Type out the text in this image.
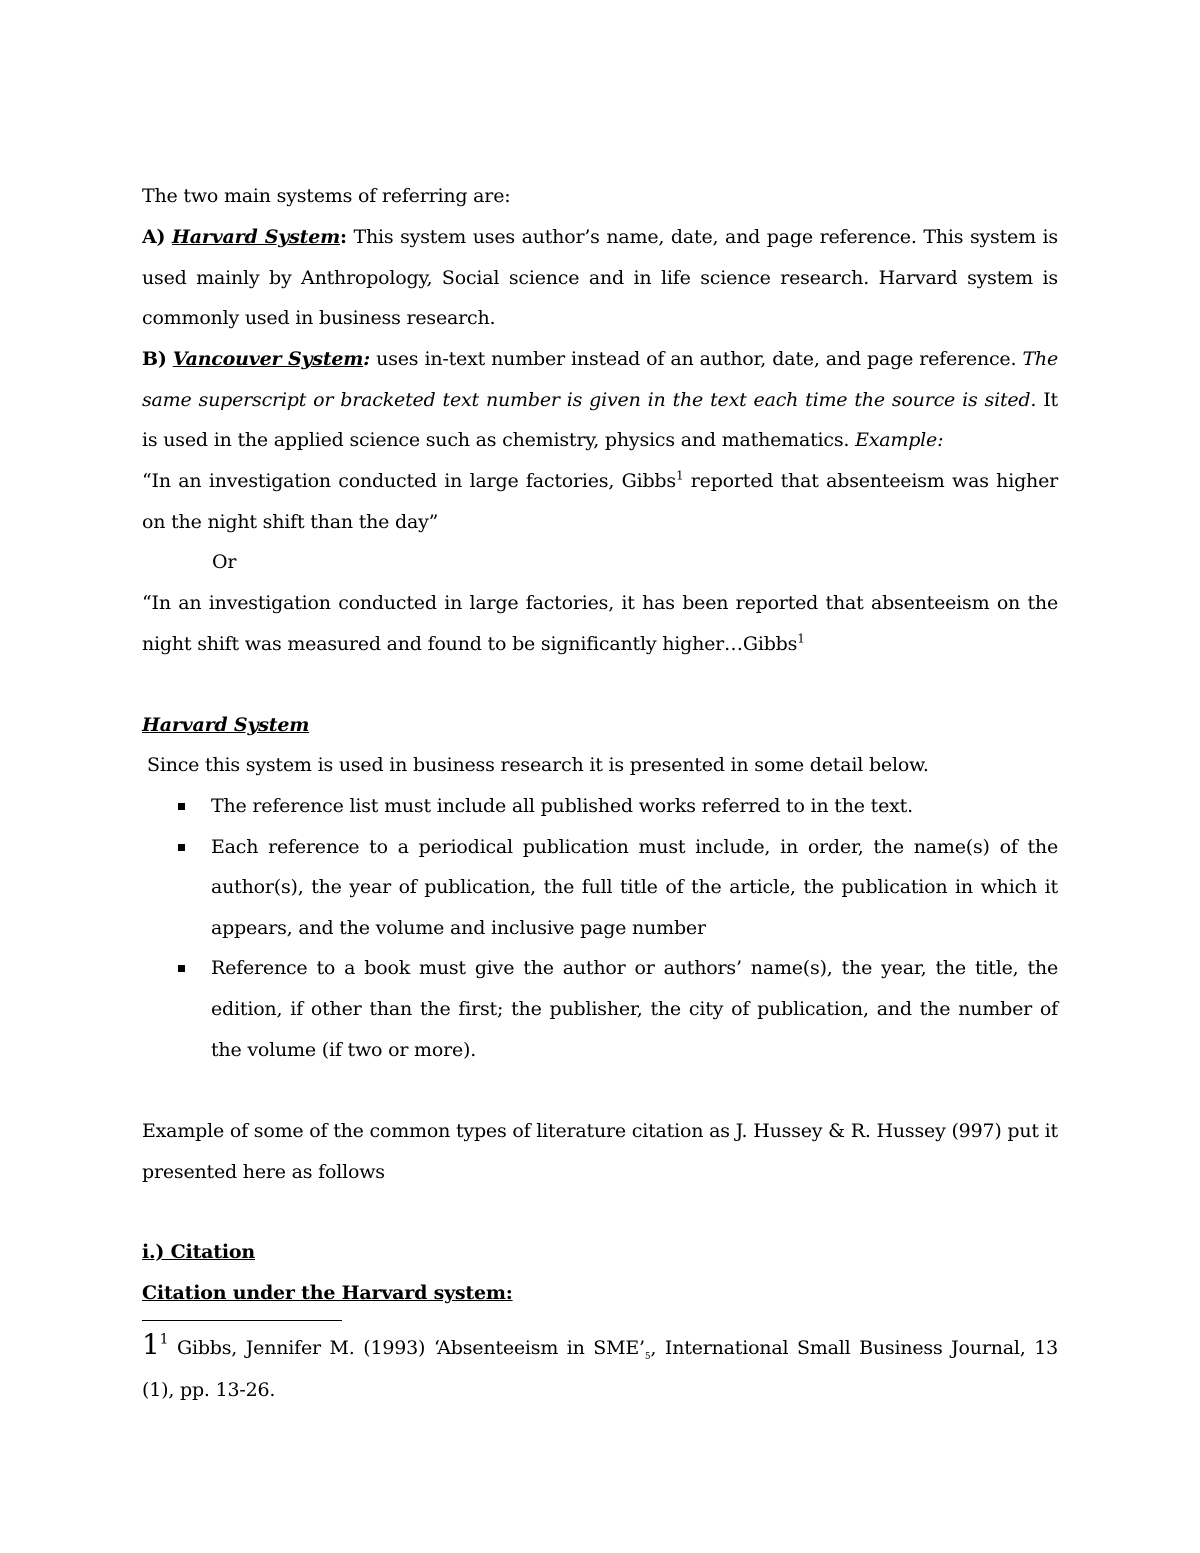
The two main systems of referring are:
A) Harvard System: This system uses author’s name, date, and page reference. This system is used mainly by Anthropology, Social science and in life science research. Harvard system is commonly used in business research.
B) Vancouver System: uses in-text number instead of an author, date, and page reference. The same superscript or bracketed text number is given in the text each time the source is sited. It is used in the applied science such as chemistry, physics and mathematics. Example:
“In an investigation conducted in large factories, Gibbs$^1$ reported that absenteeism was higher on the night shift than the day”
Or
“In an investigation conducted in large factories, it has been reported that absenteeism on the night shift was measured and found to be significantly higher…Gibbs$^1$
Harvard System
Since this system is used in business research it is presented in some detail below.
The reference list must include all published works referred to in the text.
Each reference to a periodical publication must include, in order, the name(s) of the author(s), the year of publication, the full title of the article, the publication in which it appears, and the volume and inclusive page number
Reference to a book must give the author or authors’ name(s), the year, the title, the edition, if other than the first; the publisher, the city of publication, and the number of the volume (if two or more).
Example of some of the common types of literature citation as J. Hussey & R. Hussey (997) put it presented here as follows
i.) Citation
Citation under the Harvard system:
$1^1$ Gibbs, Jennifer M. (1993) ‘Absenteeism in $SME’_5$, International Small Business Journal, 13 (1), pp. 13-26.
